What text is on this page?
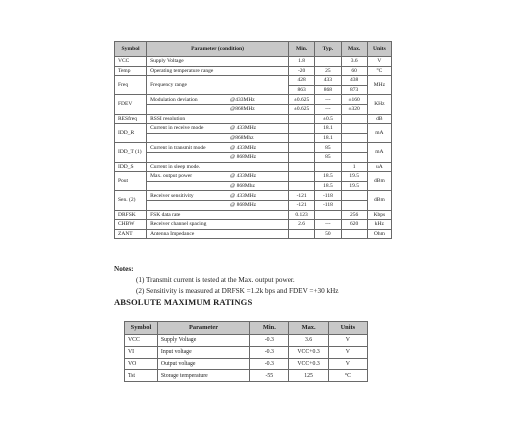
Symbol	Parameter (condition)	Min.	Typ.	Max.	Units
VCC	Supply Voltage	1.8		3.6	V
Temp	Operating temperature range	-20	25	60	°C
Freq	Frequency range	428	433	438	MHz
		863	868	873	
FDEV	Modulation deviation @433MHz	±0.625	---	±160	KHz
	@868MHz	±0.625	---	±320	
RESfreq	RSSI resolution		±0.5		dB
IDD_R	Current in receive mode @ 433MHz		18.1		mA
	@868Mhz		18.1		
IDD_T (1)	Current in transmit mode @ 433MHz		85		mA
	@ 868MHz		85		
IDD_S	Current in sleep mode.			1	uA
Pout	Max. output power @ 433MHz		18.5	19.5	dBm
	@ 868Mhz		18.5	19.5	
Sen. (2)	Receiver sensitivity @ 433MHz	-121	-118		dBm
	@ 868MHz	-121	-118		
DRFSK	FSK data rate	0.123		256	Kbps
CHBW	Receiver channel spacing	2.6	---	620	kHz
ZANT	Antenna Impedance		50		Ohm
Notes:
(1) Transmit current is tested at the Max. output power.
(2) Sensitivity is measured at DRFSK =1.2k bps and FDEV =+30 kHz
ABSOLUTE MAXIMUM RATINGS
Symbol	Parameter	Min.	Max.	Units
VCC	Supply Voltage	-0.3	3.6	V
VI	Input voltage	-0.3	VCC+0.3	V
VO	Output voltage	-0.3	VCC+0.3	V
Tst	Storage temperature	-55	125	°C
